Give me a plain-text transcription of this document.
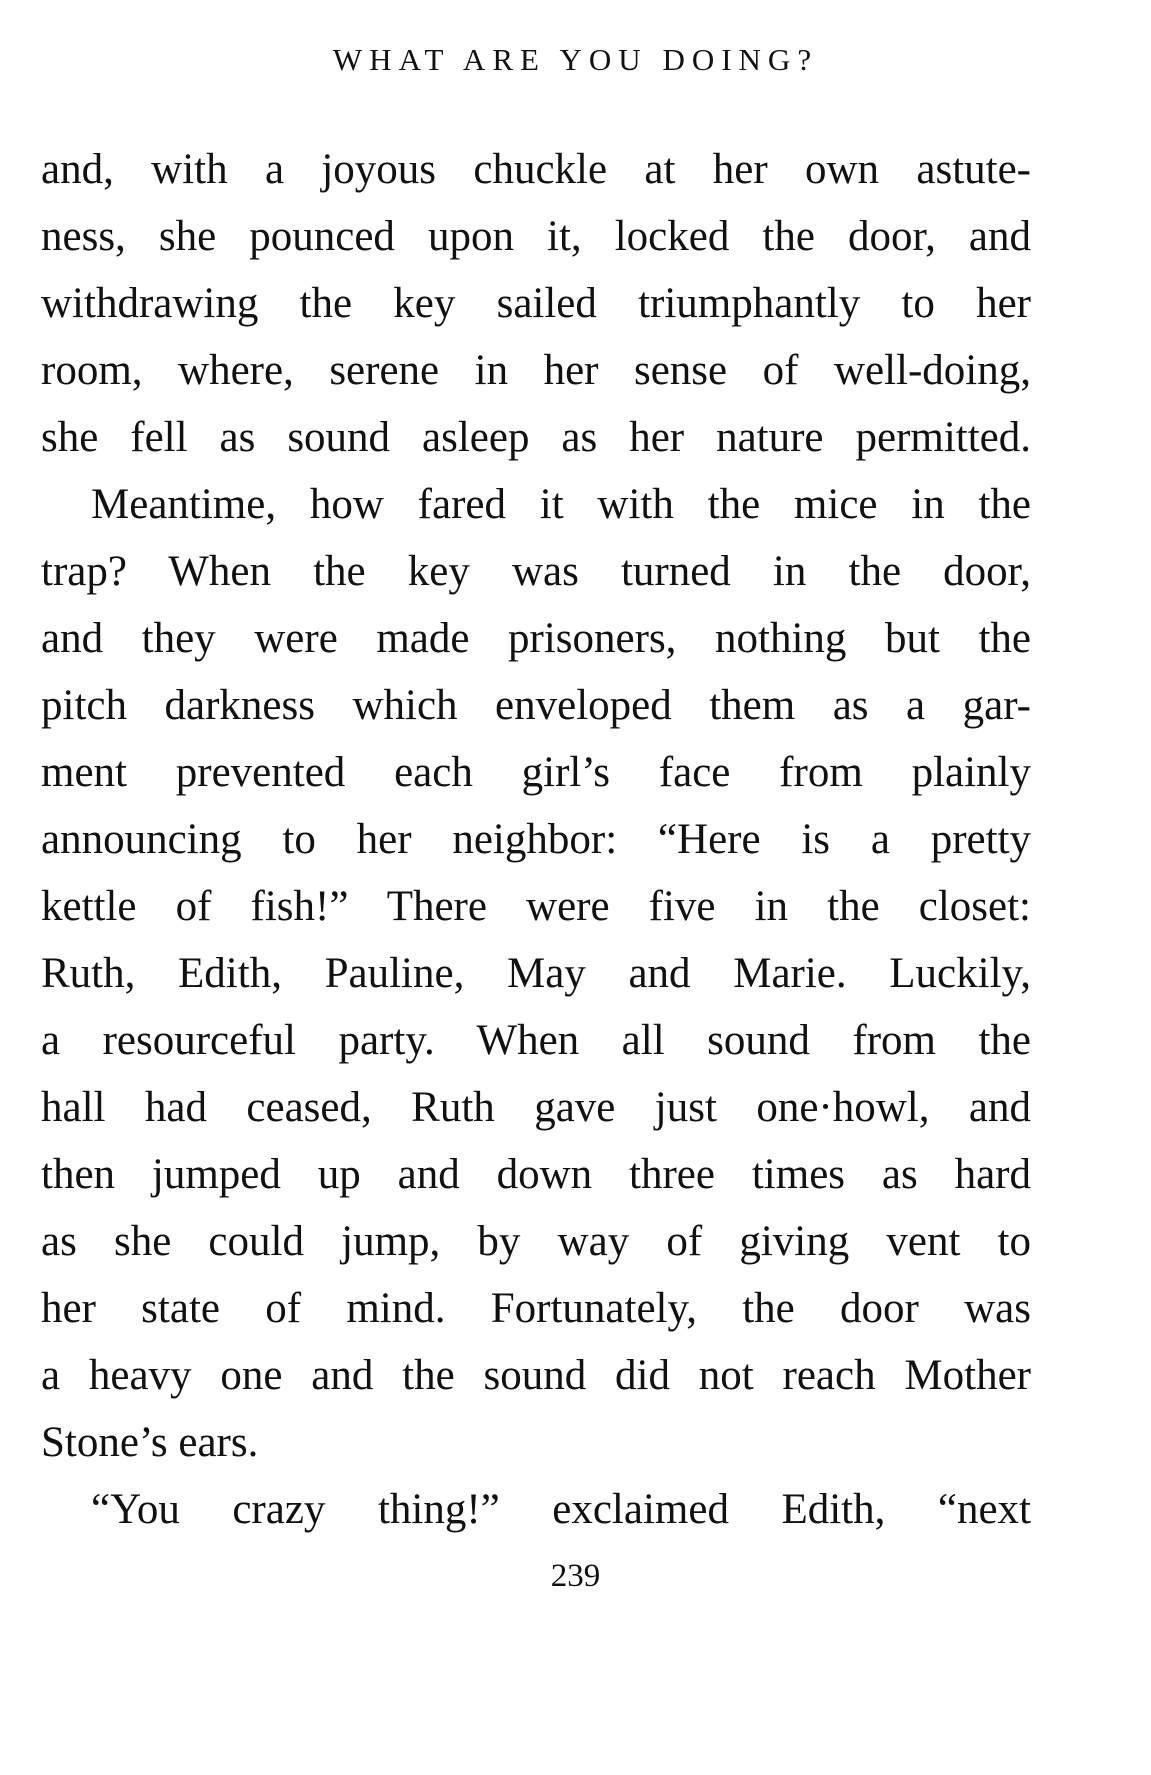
WHAT ARE YOU DOING?
and, with a joyous chuckle at her own astute-
ness, she pounced upon it, locked the door, and
withdrawing the key sailed triumphantly to her
room, where, serene in her sense of well-doing,
she fell as sound asleep as her nature permitted.
Meantime, how fared it with the mice in the
trap? When the key was turned in the door,
and they were made prisoners, nothing but the
pitch darkness which enveloped them as a gar-
ment prevented each girl’s face from plainly
announcing to her neighbor: “Here is a pretty
kettle of fish!” There were five in the closet:
Ruth, Edith, Pauline, May and Marie. Luckily,
a resourceful party. When all sound from the
hall had ceased, Ruth gave just one·howl, and
then jumped up and down three times as hard
as she could jump, by way of giving vent to
her state of mind. Fortunately, the door was
a heavy one and the sound did not reach Mother
Stone’s ears.
“You crazy thing!” exclaimed Edith, “next
239
